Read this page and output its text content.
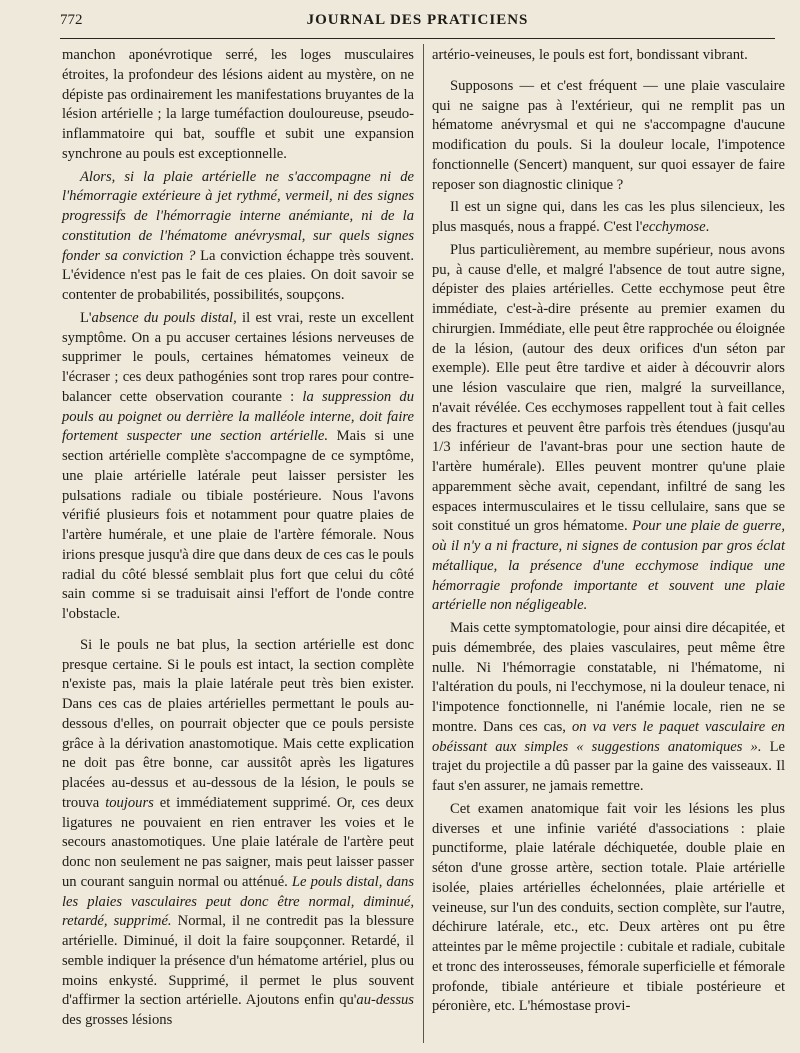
772	JOURNAL DES PRATICIENS

manchon aponévrotique serré, les loges musculaires étroites, la profondeur des lésions aident au mystère, on ne dépiste pas ordinairement les manifestations bruyantes de la lésion artérielle ; la large tuméfaction douloureuse, pseudo-inflammatoire qui bat, souffle et subit une expansion synchrone au pouls est exceptionnelle.

Alors, si la plaie artérielle ne s'accompagne ni de l'hémorragie extérieure à jet rythmé, vermeil, ni des signes progressifs de l'hémorragie interne anémiante, ni de la constitution de l'hématome anévrysmal, sur quels signes fonder sa conviction ? La conviction échappe très souvent. L'évidence n'est pas le fait de ces plaies. On doit savoir se contenter de probabilités, possibilités, soupçons.

L'absence du pouls distal, il est vrai, reste un excellent symptôme. On a pu accuser certaines lésions nerveuses de supprimer le pouls, certaines hématomes veineux de l'écraser ; ces deux pathogénies sont trop rares pour contre-balancer cette observation courante : la suppression du pouls au poignet ou derrière la malléole interne, doit faire fortement suspecter une section artérielle. Mais si une section artérielle complète s'accompagne de ce symptôme, une plaie artérielle latérale peut laisser persister les pulsations radiale ou tibiale postérieure. Nous l'avons vérifié plusieurs fois et notamment pour quatre plaies de l'artère humérale, et une plaie de l'artère fémorale. Nous irions presque jusqu'à dire que dans deux de ces cas le pouls radial du côté blessé semblait plus fort que celui du côté sain comme si se traduisait ainsi l'effort de l'onde contre l'obstacle.

Si le pouls ne bat plus, la section artérielle est donc presque certaine. Si le pouls est intact, la section complète n'existe pas, mais la plaie latérale peut très bien exister. Dans ces cas de plaies artérielles permettant le pouls au-dessous d'elles, on pourrait objecter que ce pouls persiste grâce à la dérivation anastomotique. Mais cette explication ne doit pas être bonne, car aussitôt après les ligatures placées au-dessus et au-dessous de la lésion, le pouls se trouva toujours et immédiatement supprimé. Or, ces deux ligatures ne pouvaient en rien entraver les voies et le secours anastomotiques. Une plaie latérale de l'artère peut donc non seulement ne pas saigner, mais peut laisser passer un courant sanguin normal ou atténué. Le pouls distal, dans les plaies vasculaires peut donc être normal, diminué, retardé, supprimé. Normal, il ne contredit pas la blessure artérielle. Diminué, il doit la faire soupçonner. Retardé, il semble indiquer la présence d'un hématome artériel, plus ou moins enkysté. Supprimé, il permet le plus souvent d'affirmer la section artérielle. Ajoutons enfin qu'au-dessus des grosses lésions

artério-veineuses, le pouls est fort, bondissant vibrant.

Supposons — et c'est fréquent — une plaie vasculaire qui ne saigne pas à l'extérieur, qui ne remplit pas un hématome anévrysmal et qui ne s'accompagne d'aucune modification du pouls. Si la douleur locale, l'impotence fonctionnelle (Sencert) manquent, sur quoi essayer de faire reposer son diagnostic clinique ?

Il est un signe qui, dans les cas les plus silencieux, les plus masqués, nous a frappé. C'est l'ecchymose.

Plus particulièrement, au membre supérieur, nous avons pu, à cause d'elle, et malgré l'absence de tout autre signe, dépister des plaies artérielles. Cette ecchymose peut être immédiate, c'est-à-dire présente au premier examen du chirurgien. Immédiate, elle peut être rapprochée ou éloignée de la lésion, (autour des deux orifices d'un séton par exemple). Elle peut être tardive et aider à découvrir alors une lésion vasculaire que rien, malgré la surveillance, n'avait révélée. Ces ecchymoses rappellent tout à fait celles des fractures et peuvent être parfois très étendues (jusqu'au 1/3 inférieur de l'avant-bras pour une section haute de l'artère humérale). Elles peuvent montrer qu'une plaie apparemment sèche avait, cependant, infiltré de sang les espaces intermusculaires et le tissu cellulaire, sans que se soit constitué un gros hématome. Pour une plaie de guerre, où il n'y a ni fracture, ni signes de contusion par gros éclat métallique, la présence d'une ecchymose indique une hémorragie profonde importante et souvent une plaie artérielle non négligeable.

Mais cette symptomatologie, pour ainsi dire décapitée, et puis démembrée, des plaies vasculaires, peut même être nulle. Ni l'hémorragie constatable, ni l'hématome, ni l'altération du pouls, ni l'ecchymose, ni la douleur tenace, ni l'impotence fonctionnelle, ni l'anémie locale, rien ne se montre. Dans ces cas, on va vers le paquet vasculaire en obéissant aux simples « suggestions anatomiques ». Le trajet du projectile a dû passer par la gaine des vaisseaux. Il faut s'en assurer, ne jamais remettre.

Cet examen anatomique fait voir les lésions les plus diverses et une infinie variété d'associations : plaie punctiforme, plaie latérale déchiquetée, double plaie en séton d'une grosse artère, section totale. Plaie artérielle isolée, plaies artérielles échelonnées, plaie artérielle et veineuse, sur l'un des conduits, section complète, sur l'autre, déchirure latérale, etc., etc. Deux artères ont pu être atteintes par le même projectile : cubitale et radiale, cubitale et tronc des interosseuses, fémorale superficielle et fémorale profonde, tibiale antérieure et tibiale postérieure et péronière, etc. L'hémostase provi-
